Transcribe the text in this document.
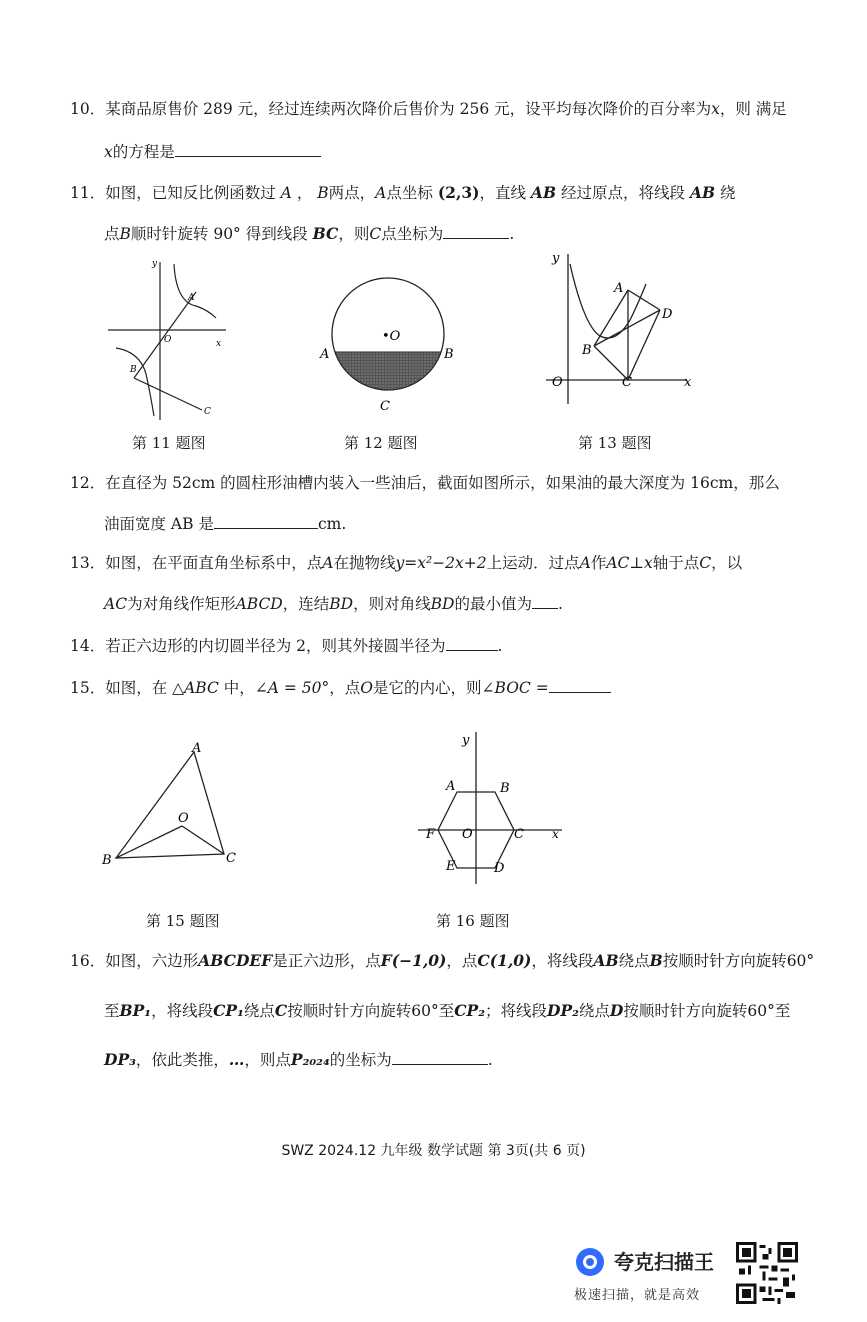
10．某商品原售价 289 元，经过连续两次降价后售价为 256 元，设平均每次降价的百分率为x，则 满足
x的方程是
11．如图，已知反比例函数过 A ， B两点，A点坐标 (2,3)，直线 AB 经过原点，将线段 AB 绕
点B顺时针旋转 90° 得到线段 BC，则C点坐标为	.
y
A
O	x
B
C
第 11 题图
•O
A	B
C
第 12 题图
y
A
D
B
O	C	x
第 13 题图
12．在直径为 52cm 的圆柱形油槽内装入一些油后，截面如图所示，如果油的最大深度为 16cm，那么
油面宽度 AB 是	cm.
13．如图，在平面直角坐标系中，点A在抛物线y=x²−2x+2上运动．过点A作AC⊥x轴于点C，以
AC为对角线作矩形ABCD，连结BD，则对角线BD的最小值为 .
14．若正六边形的内切圆半径为 2，则其外接圆半径为	.
15．如图，在 △ABC 中，∠A = 50°，点O是它的内心，则∠BOC =
A
O
B	C
第 15 题图
y
A	B
F O	C x
E	D
第 16 题图
16．如图，六边形ABCDEF是正六边形，点F(−1,0)，点C(1,0)，将线段AB绕点B按顺时针方向旋转60°
至BP₁，将线段CP₁绕点C按顺时针方向旋转60°至CP₂；将线段DP₂绕点D按顺时针方向旋转60°至
DP₃，依此类推，…，则点P₂₀₂₄的坐标为	.
SWZ 2024.12 九年级 数学试题 第 3页(共 6 页)
夸克扫描王
极速扫描，就是高效
